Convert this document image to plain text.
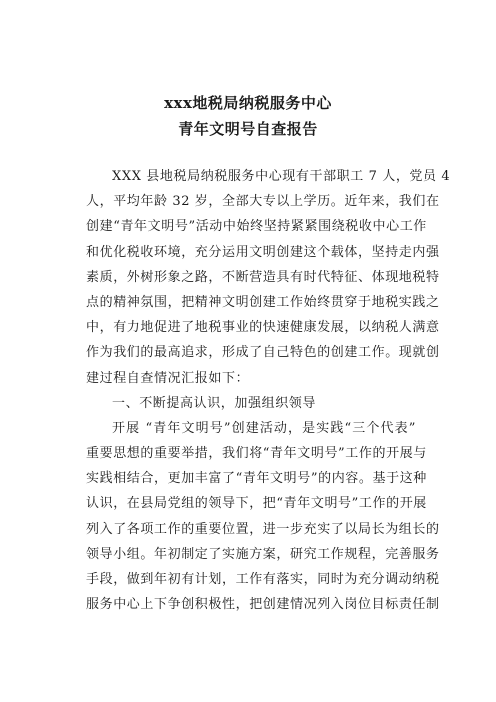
xxx地税局纳税服务中心
青年文明号自查报告
XXX 县地税局纳税服务中心现有干部职工 7 人，党员 4
人，平均年龄 32 岁，全部大专以上学历。近年来，我们在
创建“青年文明号”活动中始终坚持紧紧围绕税收中心工作
和优化税收环境，充分运用文明创建这个载体，坚持走内强
素质，外树形象之路，不断营造具有时代特征、体现地税特
点的精神氛围，把精神文明创建工作始终贯穿于地税实践之
中，有力地促进了地税事业的快速健康发展，以纳税人满意
作为我们的最高追求，形成了自己特色的创建工作。现就创
建过程自查情况汇报如下：
一、不断提高认识，加强组织领导
开展 “青年文明号”创建活动，是实践“三个代表”
重要思想的重要举措，我们将“青年文明号”工作的开展与
实践相结合，更加丰富了“青年文明号”的内容。基于这种
认识，在县局党组的领导下，把“青年文明号”工作的开展
列入了各项工作的重要位置，进一步充实了以局长为组长的
领导小组。年初制定了实施方案，研究工作规程，完善服务
手段，做到年初有计划，工作有落实，同时为充分调动纳税
服务中心上下争创积极性，把创建情况列入岗位目标责任制
